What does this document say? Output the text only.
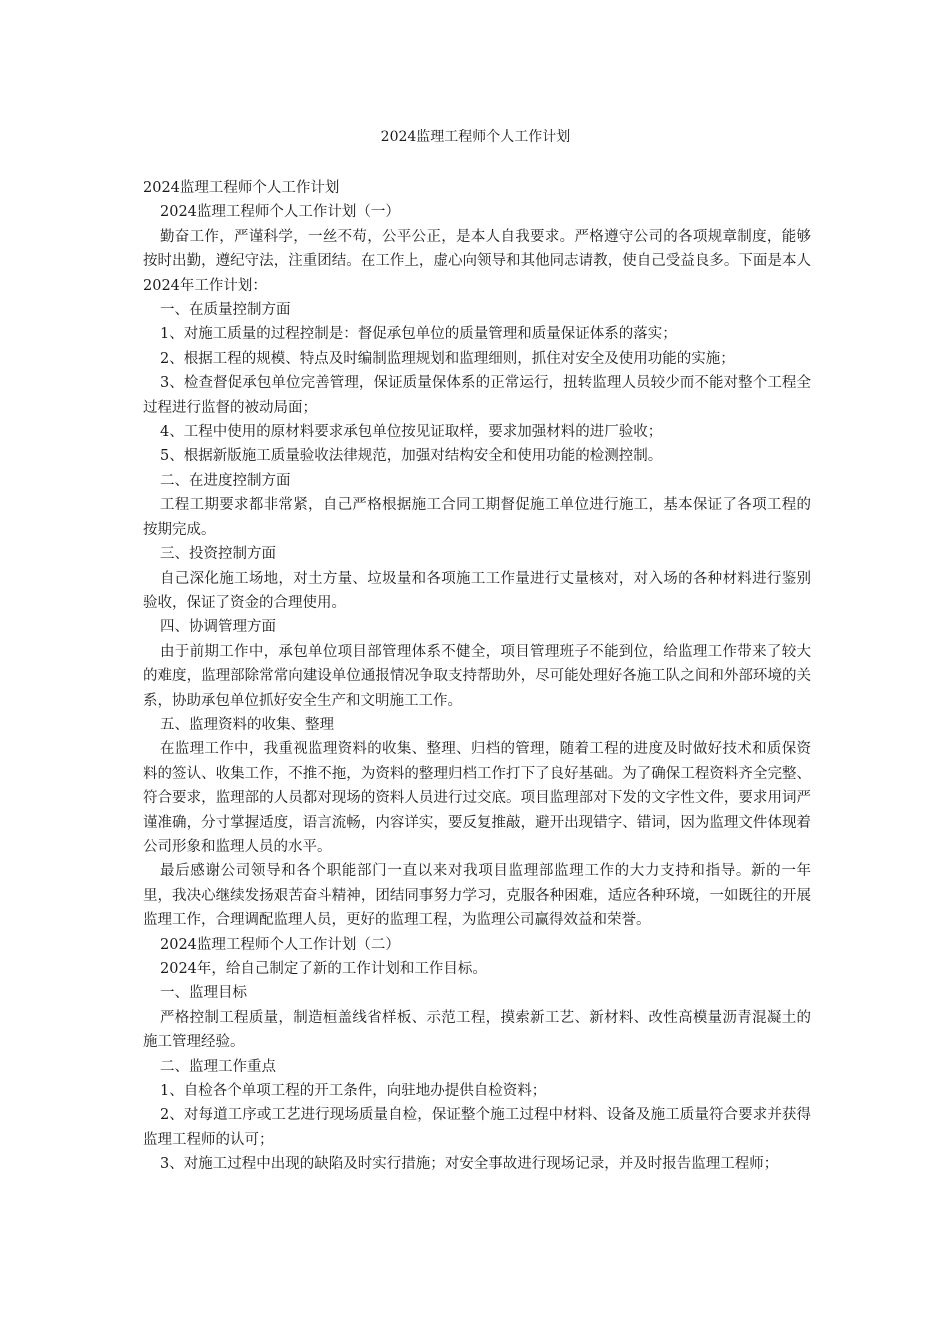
2024监理工程师个人工作计划

2024监理工程师个人工作计划

2024监理工程师个人工作计划（一）

勤奋工作，严谨科学，一丝不苟，公平公正，是本人自我要求。严格遵守公司的各项规章制度，能够按时出勤，遵纪守法，注重团结。在工作上，虚心向领导和其他同志请教，使自己受益良多。下面是本人2024年工作计划：

一、在质量控制方面

1、对施工质量的过程控制是：督促承包单位的质量管理和质量保证体系的落实；

2、根据工程的规模、特点及时编制监理规划和监理细则，抓住对安全及使用功能的实施；

3、检查督促承包单位完善管理，保证质量保体系的正常运行，扭转监理人员较少而不能对整个工程全过程进行监督的被动局面；

4、工程中使用的原材料要求承包单位按见证取样，要求加强材料的进厂验收；

5、根据新版施工质量验收法律规范，加强对结构安全和使用功能的检测控制。

二、在进度控制方面

工程工期要求都非常紧，自己严格根据施工合同工期督促施工单位进行施工，基本保证了各项工程的按期完成。

三、投资控制方面

自己深化施工场地，对土方量、垃圾量和各项施工工作量进行丈量核对，对入场的各种材料进行鉴别验收，保证了资金的合理使用。

四、协调管理方面

由于前期工作中，承包单位项目部管理体系不健全，项目管理班子不能到位，给监理工作带来了较大的难度，监理部除常常向建设单位通报情况争取支持帮助外，尽可能处理好各施工队之间和外部环境的关系，协助承包单位抓好安全生产和文明施工工作。

五、监理资料的收集、整理

在监理工作中，我重视监理资料的收集、整理、归档的管理，随着工程的进度及时做好技术和质保资料的签认、收集工作，不推不拖，为资料的整理归档工作打下了良好基础。为了确保工程资料齐全完整、符合要求，监理部的人员都对现场的资料人员进行过交底。项目监理部对下发的文字性文件，要求用词严谨准确，分寸掌握适度，语言流畅，内容详实，要反复推敲，避开出现错字、错词，因为监理文件体现着公司形象和监理人员的水平。

最后感谢公司领导和各个职能部门一直以来对我项目监理部监理工作的大力支持和指导。新的一年里，我决心继续发扬艰苦奋斗精神，团结同事努力学习，克服各种困难，适应各种环境，一如既往的开展监理工作，合理调配监理人员，更好的监理工程，为监理公司赢得效益和荣誉。

2024监理工程师个人工作计划（二）

2024年，给自己制定了新的工作计划和工作目标。

一、监理目标

严格控制工程质量，制造桓盖线省样板、示范工程，摸索新工艺、新材料、改性高模量沥青混凝土的施工管理经验。

二、监理工作重点

1、自检各个单项工程的开工条件，向驻地办提供自检资料；

2、对每道工序或工艺进行现场质量自检，保证整个施工过程中材料、设备及施工质量符合要求并获得监理工程师的认可；

3、对施工过程中出现的缺陷及时实行措施；对安全事故进行现场记录，并及时报告监理工程师；
